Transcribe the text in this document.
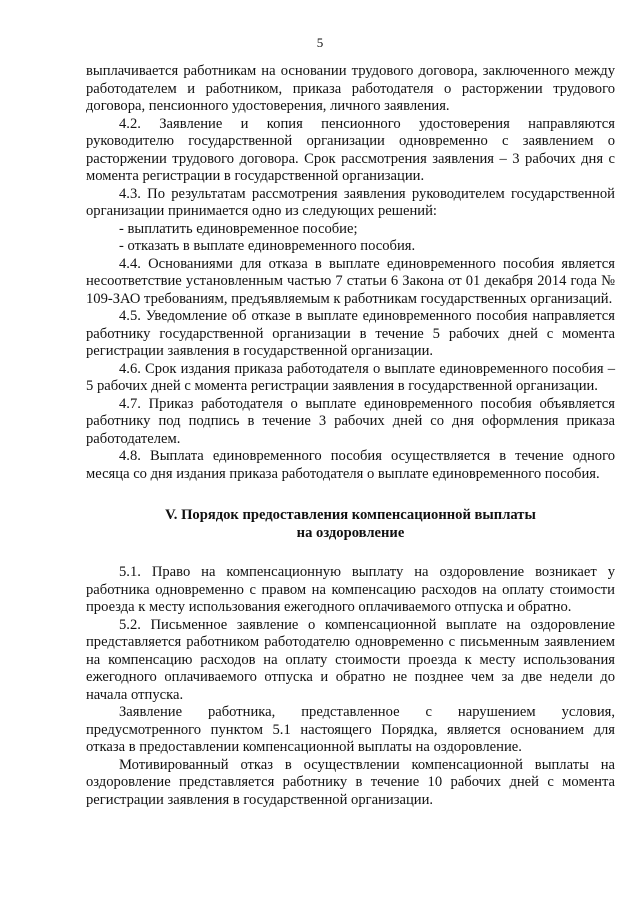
5

выплачивается работникам на основании трудового договора, заключенного между работодателем и работником, приказа работодателя о расторжении трудового договора, пенсионного удостоверения, личного заявления.

4.2. Заявление и копия пенсионного удостоверения направляются руководителю государственной организации одновременно с заявлением о расторжении трудового договора. Срок рассмотрения заявления – 3 рабочих дня с момента регистрации в государственной организации.

4.3. По результатам рассмотрения заявления руководителем государственной организации принимается одно из следующих решений:

- выплатить единовременное пособие;

- отказать в выплате единовременного пособия.

4.4. Основаниями для отказа в выплате единовременного пособия является несоответствие установленным частью 7 статьи 6 Закона от 01 декабря 2014 года № 109-ЗАО требованиям, предъявляемым к работникам государственных организаций.

4.5. Уведомление об отказе в выплате единовременного пособия направляется работнику государственной организации в течение 5 рабочих дней с момента регистрации заявления в государственной организации.

4.6. Срок издания приказа работодателя о выплате единовременного пособия – 5 рабочих дней с момента регистрации заявления в государственной организации.

4.7. Приказ работодателя о выплате единовременного пособия объявляется работнику под подпись в течение 3 рабочих дней со дня оформления приказа работодателем.

4.8. Выплата единовременного пособия осуществляется в течение одного месяца со дня издания приказа работодателя о выплате единовременного пособия.

V. Порядок предоставления компенсационной выплаты
на оздоровление

5.1. Право на компенсационную выплату на оздоровление возникает у работника одновременно с правом на компенсацию расходов на оплату стоимости проезда к месту использования ежегодного оплачиваемого отпуска и обратно.

5.2. Письменное заявление о компенсационной выплате на оздоровление представляется работником работодателю одновременно с письменным заявлением на компенсацию расходов на оплату стоимости проезда к месту использования ежегодного оплачиваемого отпуска и обратно не позднее чем за две недели до начала отпуска.

Заявление работника, представленное с нарушением условия, предусмотренного пунктом 5.1 настоящего Порядка, является основанием для отказа в предоставлении компенсационной выплаты на оздоровление.

Мотивированный отказ в осуществлении компенсационной выплаты на оздоровление представляется работнику в течение 10 рабочих дней с момента регистрации заявления в государственной организации.
